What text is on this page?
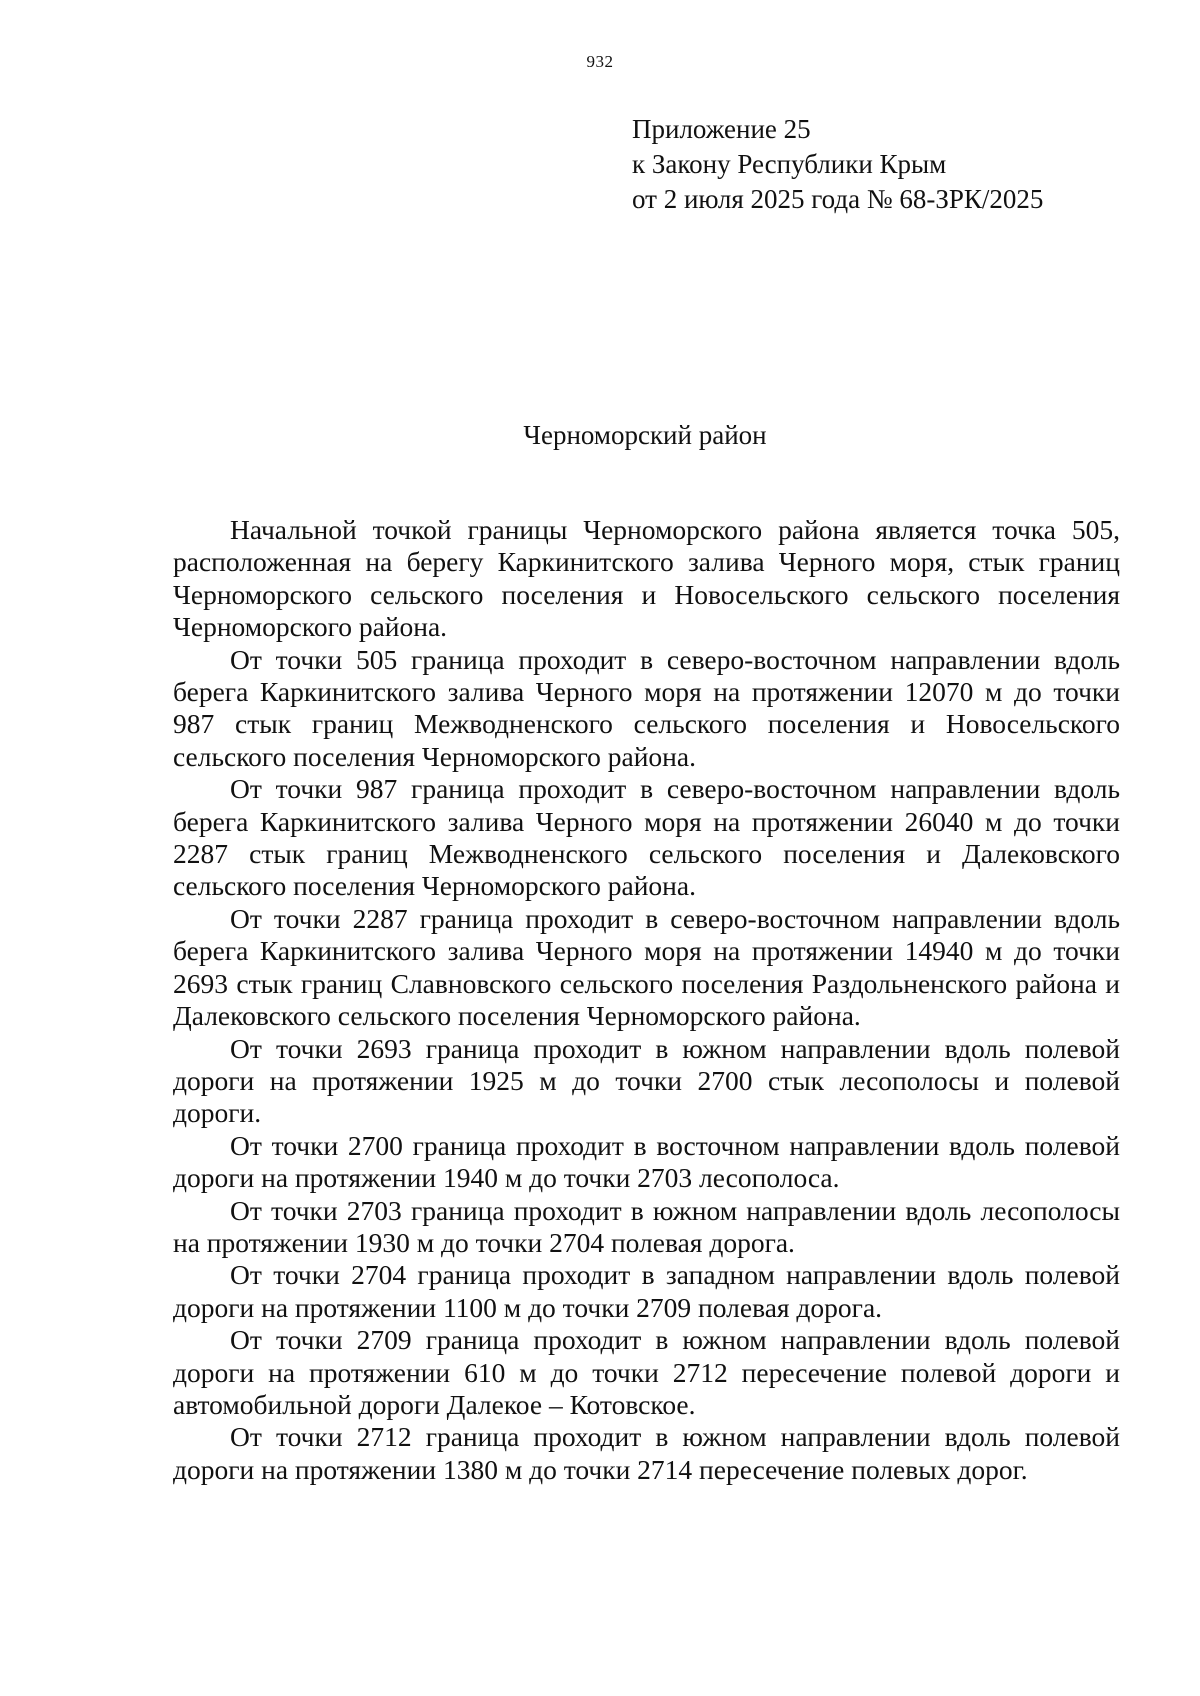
932
Приложение 25
к Закону Республики Крым
от 2 июля 2025 года № 68-ЗРК/2025
Черноморский район

Начальной точкой границы Черноморского района является точка 505, расположенная на берегу Каркинитского залива Черного моря, стык границ Черноморского сельского поселения и Новосельского сельского поселения Черноморского района.

От точки 505 граница проходит в северо-восточном направлении вдоль берега Каркинитского залива Черного моря на протяжении 12070 м до точки 987 стык границ Межводненского сельского поселения и Новосельского сельского поселения Черноморского района.

От точки 987 граница проходит в северо-восточном направлении вдоль берега Каркинитского залива Черного моря на протяжении 26040 м до точки 2287 стык границ Межводненского сельского поселения и Далековского сельского поселения Черноморского района.

От точки 2287 граница проходит в северо-восточном направлении вдоль берега Каркинитского залива Черного моря на протяжении 14940 м до точки 2693 стык границ Славновского сельского поселения Раздольненского района и Далековского сельского поселения Черноморского района.

От точки 2693 граница проходит в южном направлении вдоль полевой дороги на протяжении 1925 м до точки 2700 стык лесополосы и полевой дороги.

От точки 2700 граница проходит в восточном направлении вдоль полевой дороги на протяжении 1940 м до точки 2703 лесополоса.

От точки 2703 граница проходит в южном направлении вдоль лесополосы на протяжении 1930 м до точки 2704 полевая дорога.

От точки 2704 граница проходит в западном направлении вдоль полевой дороги на протяжении 1100 м до точки 2709 полевая дорога.

От точки 2709 граница проходит в южном направлении вдоль полевой дороги на протяжении 610 м до точки 2712 пересечение полевой дороги и автомобильной дороги Далекое – Котовское.

От точки 2712 граница проходит в южном направлении вдоль полевой дороги на протяжении 1380 м до точки 2714 пересечение полевых дорог.
